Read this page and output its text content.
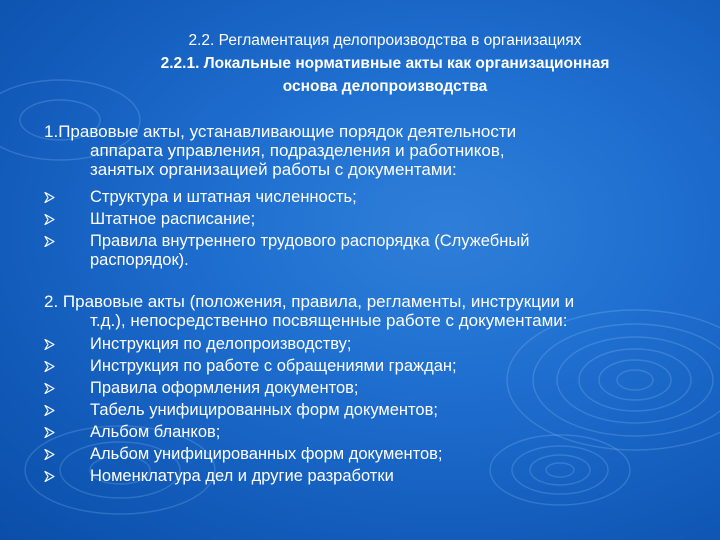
2.2. Регламентация делопроизводства в организациях
2.2.1. Локальные нормативные акты как организационная
основа делопроизводства
1.Правовые акты, устанавливающие порядок деятельности
аппарата управления, подразделения и работников,
занятых организацией работы с документами:
Структура и штатная численность;
Штатное расписание;
Правила внутреннего трудового распорядка (Служебный
распорядок).
2. Правовые акты (положения, правила, регламенты, инструкции и
т.д.), непосредственно посвященные работе с документами:
Инструкция по делопроизводству;
Инструкция по работе с обращениями граждан;
Правила оформления документов;
Табель унифицированных форм документов;
Альбом бланков;
Альбом унифицированных форм документов;
Номенклатура дел и другие разработки
